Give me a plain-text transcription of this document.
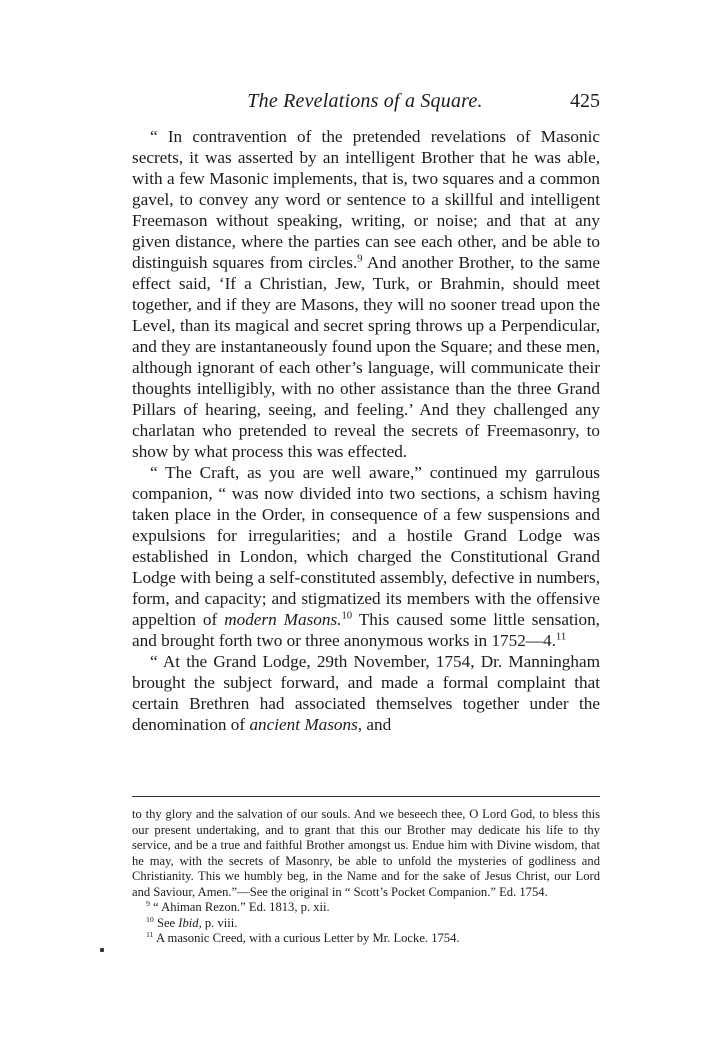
The Revelations of a Square.	425

“ In contravention of the pretended revelations of Masonic secrets, it was asserted by an intelligent Brother that he was able, with a few Masonic implements, that is, two squares and a common gavel, to convey any word or sentence to a skillful and intelligent Freemason without speaking, writing, or noise; and that at any given distance, where the parties can see each other, and be able to distinguish squares from circles.$^9$ And another Brother, to the same effect said, ‘If a Christian, Jew, Turk, or Brahmin, should meet together, and if they are Masons, they will no sooner tread upon the Level, than its magical and secret spring throws up a Perpendicular, and they are instantaneously found upon the Square; and these men, although ignorant of each other’s language, will communicate their thoughts intelligibly, with no other assistance than the three Grand Pillars of hearing, seeing, and feeling.’ And they challenged any charlatan who pretended to reveal the secrets of Freemasonry, to show by what process this was effected.

“ The Craft, as you are well aware,” continued my garrulous companion, “ was now divided into two sections, a schism having taken place in the Order, in consequence of a few suspensions and expulsions for irregularities; and a hostile Grand Lodge was established in London, which charged the Constitutional Grand Lodge with being a self-constituted assembly, defective in numbers, form, and capacity; and stigmatized its members with the offensive appeltion of modern Masons.$^{10}$ This caused some little sensation, and brought forth two or three anonymous works in 1752—4.11

“ At the Grand Lodge, 29th November, 1754, Dr. Manningham brought the subject forward, and made a formal complaint that certain Brethren had associated themselves together under the denomination of ancient Masons, and

to thy glory and the salvation of our souls. And we beseech thee, O Lord God, to bless this our present undertaking, and to grant that this our Brother may dedicate his life to thy service, and be a true and faithful Brother amongst us. Endue him with Divine wisdom, that he may, with the secrets of Masonry, be able to unfold the mysteries of godliness and Christianity. This we humbly beg, in the Name and for the sake of Jesus Christ, our Lord and Saviour, Amen.”—See the original in “ Scott’s Pocket Companion.” Ed. 1754.

$^9$ “ Ahiman Rezon.” Ed. 1813, p. xii.

$^{10}$ See Ibid, p. viii.

$^{11}$ A masonic Creed, with a curious Letter by Mr. Locke. 1754.
